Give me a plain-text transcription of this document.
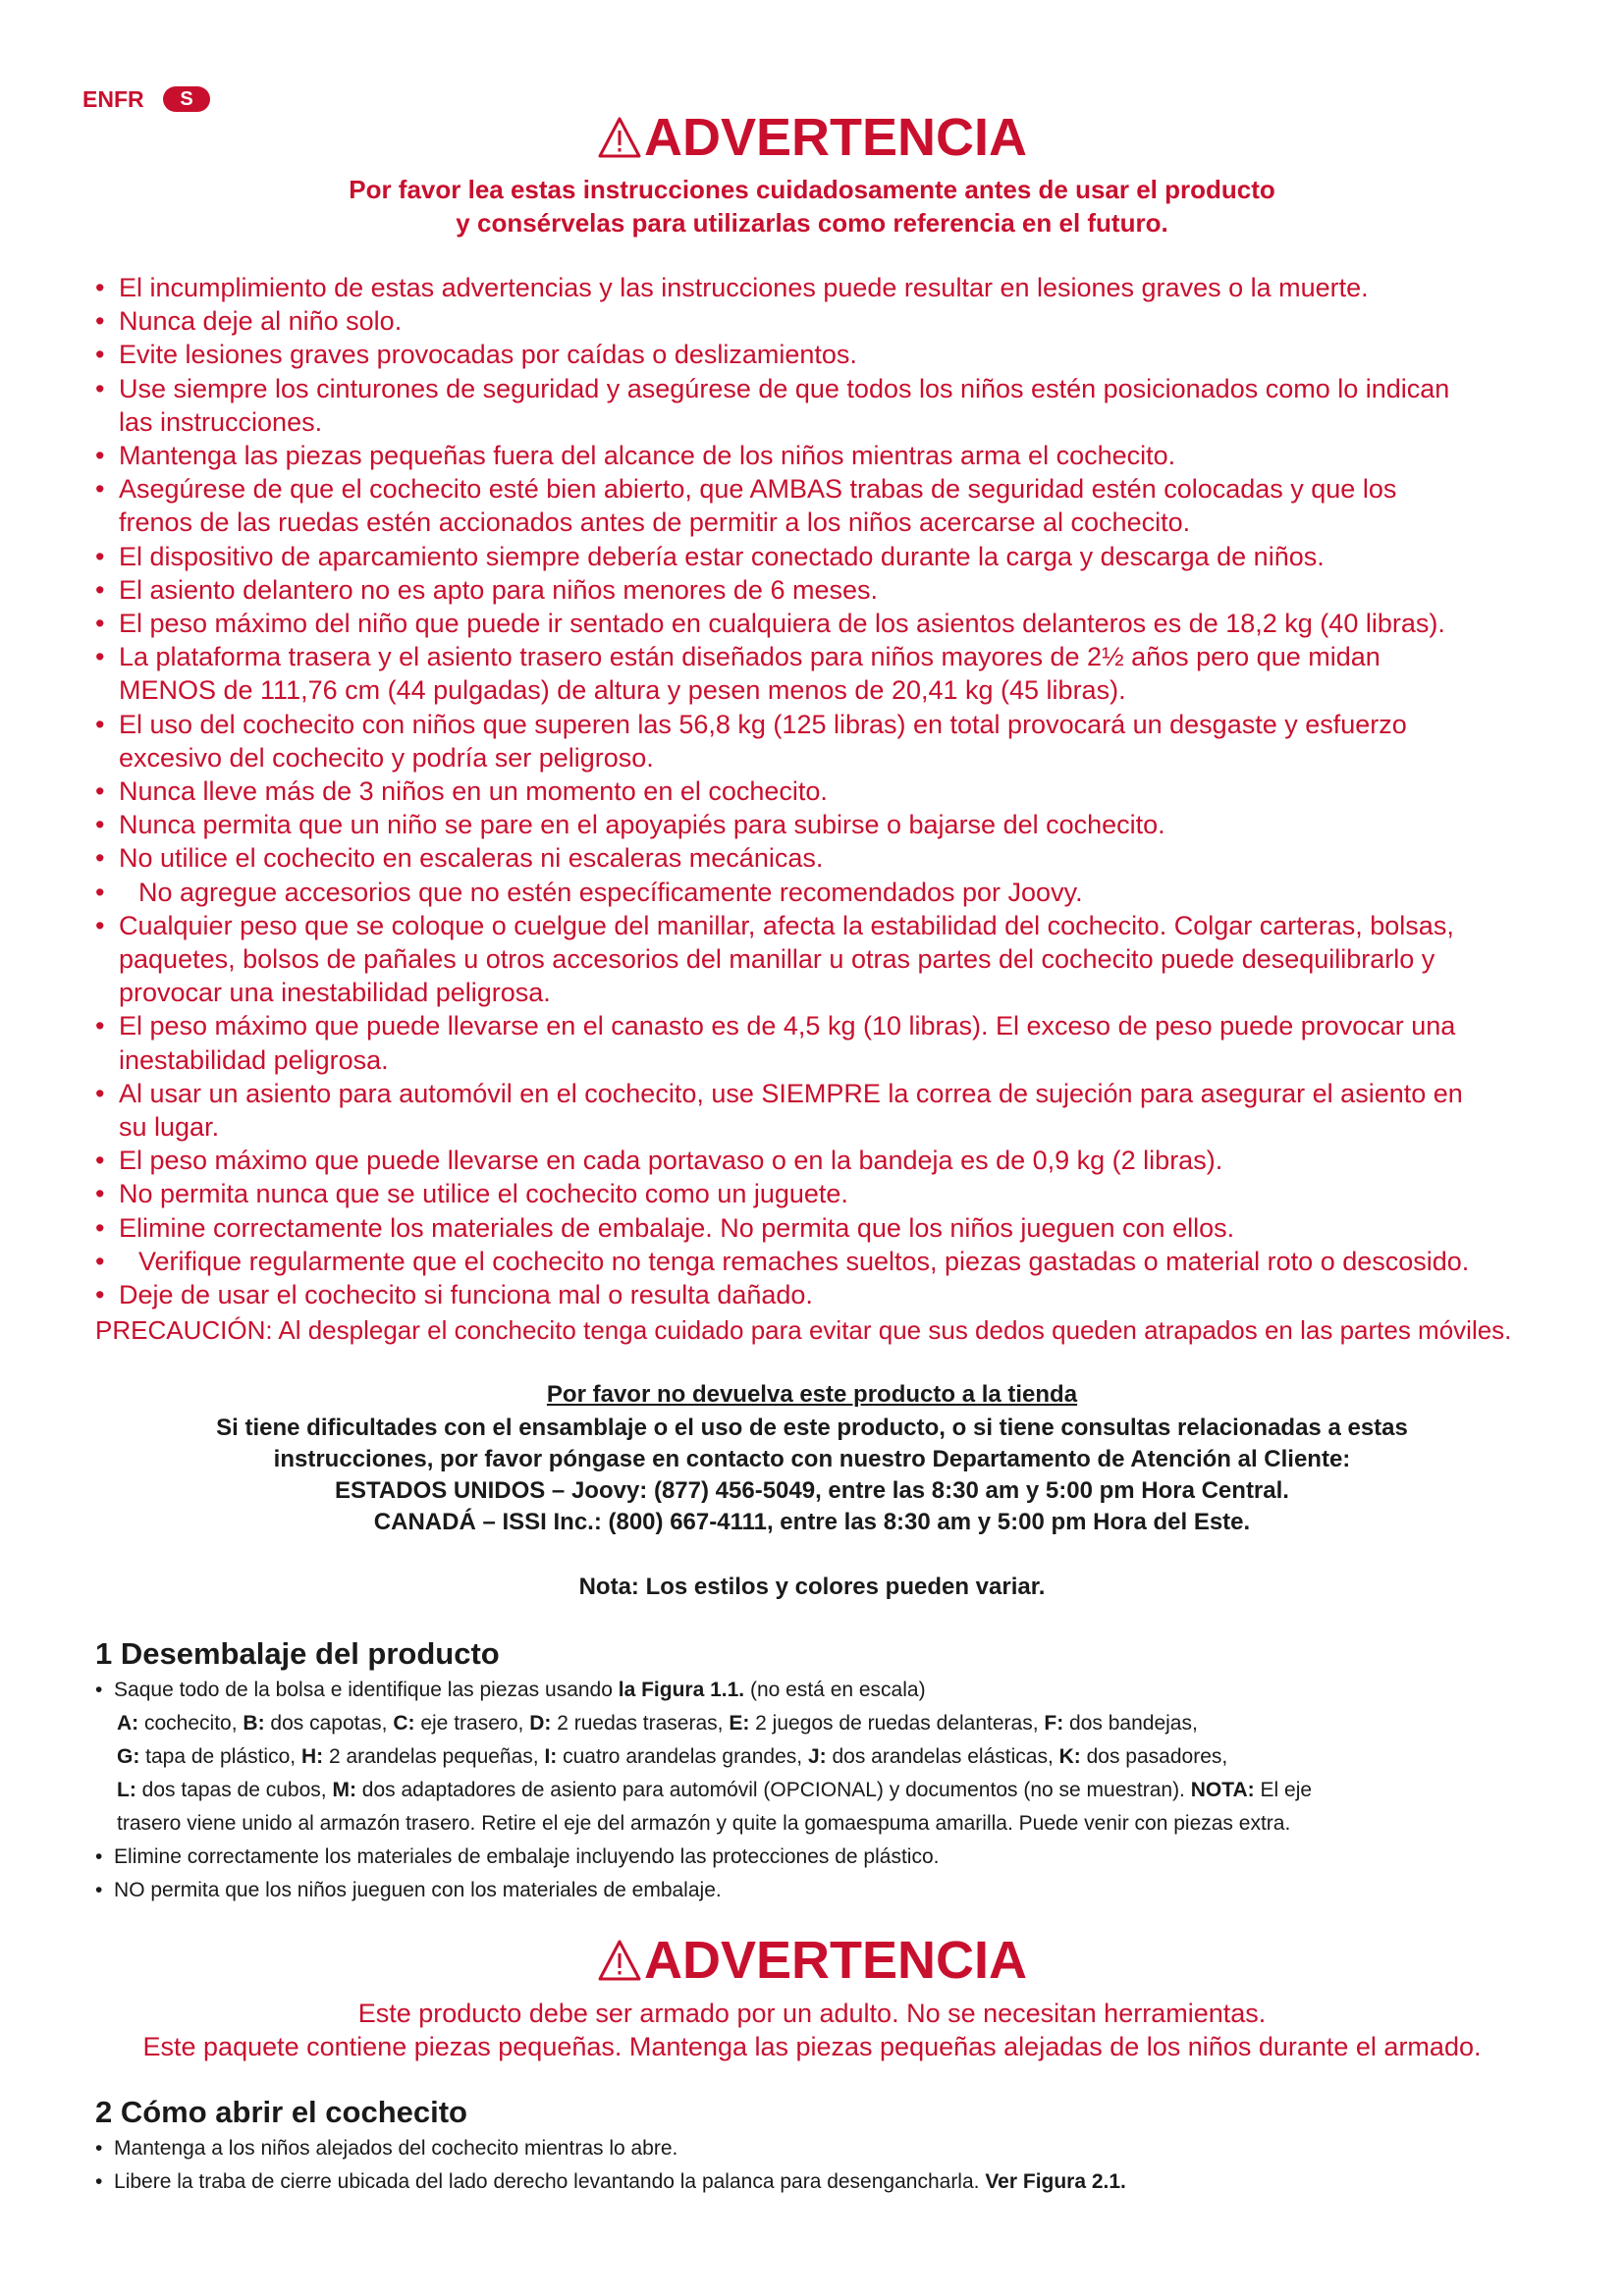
ENFR	S
ADVERTENCIA
Por favor lea estas instrucciones cuidadosamente antes de usar el producto
y consérvelas para utilizarlas como referencia en el futuro.
• El incumplimiento de estas advertencias y las instrucciones puede resultar en lesiones graves o la muerte.
• Nunca deje al niño solo.
• Evite lesiones graves provocadas por caídas o deslizamientos.
• Use siempre los cinturones de seguridad y asegúrese de que todos los niños estén posicionados como lo indican
las instrucciones.
• Mantenga las piezas pequeñas fuera del alcance de los niños mientras arma el cochecito.
• Asegúrese de que el cochecito esté bien abierto, que AMBAS trabas de seguridad estén colocadas y que los
frenos de las ruedas estén accionados antes de permitir a los niños acercarse al cochecito.
• El dispositivo de aparcamiento siempre debería estar conectado durante la carga y descarga de niños.
• El asiento delantero no es apto para niños menores de 6 meses.
• El peso máximo del niño que puede ir sentado en cualquiera de los asientos delanteros es de 18,2 kg (40 libras).
• La plataforma trasera y el asiento trasero están diseñados para niños mayores de 2½ años pero que midan
MENOS de 111,76 cm (44 pulgadas) de altura y pesen menos de 20,41 kg (45 libras).
• El uso del cochecito con niños que superen las 56,8 kg (125 libras) en total provocará un desgaste y esfuerzo
excesivo del cochecito y podría ser peligroso.
• Nunca lleve más de 3 niños en un momento en el cochecito.
• Nunca permita que un niño se pare en el apoyapiés para subirse o bajarse del cochecito.
• No utilice el cochecito en escaleras ni escaleras mecánicas.
• No agregue accesorios que no estén específicamente recomendados por Joovy.
• Cualquier peso que se coloque o cuelgue del manillar, afecta la estabilidad del cochecito. Colgar carteras, bolsas,
paquetes, bolsos de pañales u otros accesorios del manillar u otras partes del cochecito puede desequilibrarlo y
provocar una inestabilidad peligrosa.
• El peso máximo que puede llevarse en el canasto es de 4,5 kg (10 libras). El exceso de peso puede provocar una
inestabilidad peligrosa.
• Al usar un asiento para automóvil en el cochecito, use SIEMPRE la correa de sujeción para asegurar el asiento en
su lugar.
• El peso máximo que puede llevarse en cada portavaso o en la bandeja es de 0,9 kg (2 libras).
• No permita nunca que se utilice el cochecito como un juguete.
• Elimine correctamente los materiales de embalaje. No permita que los niños jueguen con ellos.
• Verifique regularmente que el cochecito no tenga remaches sueltos, piezas gastadas o material roto o descosido.
• Deje de usar el cochecito si funciona mal o resulta dañado.
PRECAUCIÓN: Al desplegar el conchecito tenga cuidado para evitar que sus dedos queden atrapados en las partes móviles.
Por favor no devuelva este producto a la tienda
Si tiene dificultades con el ensamblaje o el uso de este producto, o si tiene consultas relacionadas a estas
instrucciones, por favor póngase en contacto con nuestro Departamento de Atención al Cliente:
ESTADOS UNIDOS – Joovy: (877) 456-5049, entre las 8:30 am y 5:00 pm Hora Central.
CANADÁ – ISSI Inc.: (800) 667-4111, entre las 8:30 am y 5:00 pm Hora del Este.
Nota: Los estilos y colores pueden variar.
1 Desembalaje del producto
• Saque todo de la bolsa e identifique las piezas usando la Figura 1.1. (no está en escala)
A: cochecito, B: dos capotas, C: eje trasero, D: 2 ruedas traseras, E: 2 juegos de ruedas delanteras, F: dos bandejas,
G: tapa de plástico, H: 2 arandelas pequeñas, I: cuatro arandelas grandes, J: dos arandelas elásticas, K: dos pasadores,
L: dos tapas de cubos, M: dos adaptadores de asiento para automóvil (OPCIONAL) y documentos (no se muestran). NOTA: El eje
trasero viene unido al armazón trasero. Retire el eje del armazón y quite la gomaespuma amarilla. Puede venir con piezas extra.
• Elimine correctamente los materiales de embalaje incluyendo las protecciones de plástico.
• NO permita que los niños jueguen con los materiales de embalaje.
ADVERTENCIA
Este producto debe ser armado por un adulto. No se necesitan herramientas.
Este paquete contiene piezas pequeñas. Mantenga las piezas pequeñas alejadas de los niños durante el armado.
2 Cómo abrir el cochecito
• Mantenga a los niños alejados del cochecito mientras lo abre.
• Libere la traba de cierre ubicada del lado derecho levantando la palanca para desengancharla. Ver Figura 2.1.
